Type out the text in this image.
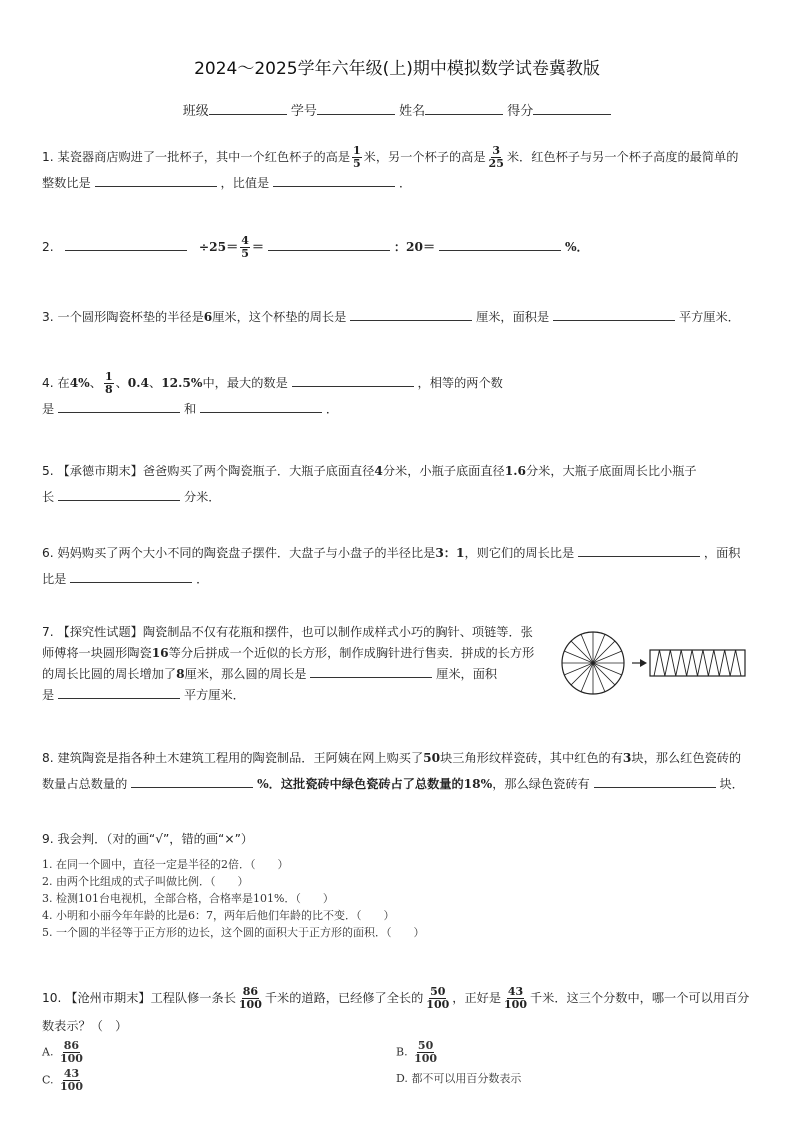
2024～2025学年六年级(上)期中模拟数学试卷冀教版
班级	学号	姓名	得分
1. 某瓷器商店购进了一批杯子，其中一个红色杯子的高是 $\frac{1}{5}$ 米，另一个杯子的高是 $\frac{3}{25}$ 米．红色杯子与另一个杯子高度的最简单的
整数比是	，比值是	．
2.	$\div 25= \frac{4}{5}$ ＝	：20＝	%．
3. 一个圆形陶瓷杯垫的半径是6厘米，这个杯垫的周长是	厘米，面积是	平方厘米．
4. 在4%、 $\frac{1}{8}$ 、0.4、12.5%中，最大的数是	，相等的两个数
是	和	．
5. 【承德市期末】爸爸购买了两个陶瓷瓶子．大瓶子底面直径4分米，小瓶子底面直径1.6分米，大瓶子底面周长比小瓶子
长	分米．
6. 妈妈购买了两个大小不同的陶瓷盘子摆件．大盘子与小盘子的半径比是3：1，则它们的周长比是	，面积
比是	．
7. 【探究性试题】陶瓷制品不仅有花瓶和摆件，也可以制作成样式小巧的胸针、项链等．张
师傅将一块圆形陶瓷16等分后拼成一个近似的长方形，制作成胸针进行售卖．拼成的长方形
的周长比圆的周长增加了8厘米，那么圆的周长是	厘米，面积
是	平方厘米．
8. 建筑陶瓷是指各种土木建筑工程用的陶瓷制品．王阿姨在网上购买了50块三角形纹样瓷砖，其中红色的有3块，那么红色瓷砖的
数量占总数量的	%．这批瓷砖中绿色瓷砖占了总数量的18%，那么绿色瓷砖有	块．
9. 我会判．（对的画“√”，错的画“×”）
1. 在同一个圆中，直径一定是半径的2倍．（　　）
2. 由两个比组成的式子叫做比例．（　　）
3. 检测101台电视机，全部合格，合格率是101%．（　　）
4. 小明和小丽今年年龄的比是6：7，两年后他们年龄的比不变．（　　）
5. 一个圆的半径等于正方形的边长，这个圆的面积大于正方形的面积．（　　）
10. 【沧州市期末】工程队修一条长 $\frac{86}{100}$ 千米的道路，已经修了全长的 $\frac{50}{100}$ ，正好是 $\frac{43}{100}$ 千米．这三个分数中，哪一个可以用百分
数表示？（　）
A. $\frac{86}{100}$	B. $\frac{50}{100}$
C. $\frac{43}{100}$	D. 都不可以用百分数表示
